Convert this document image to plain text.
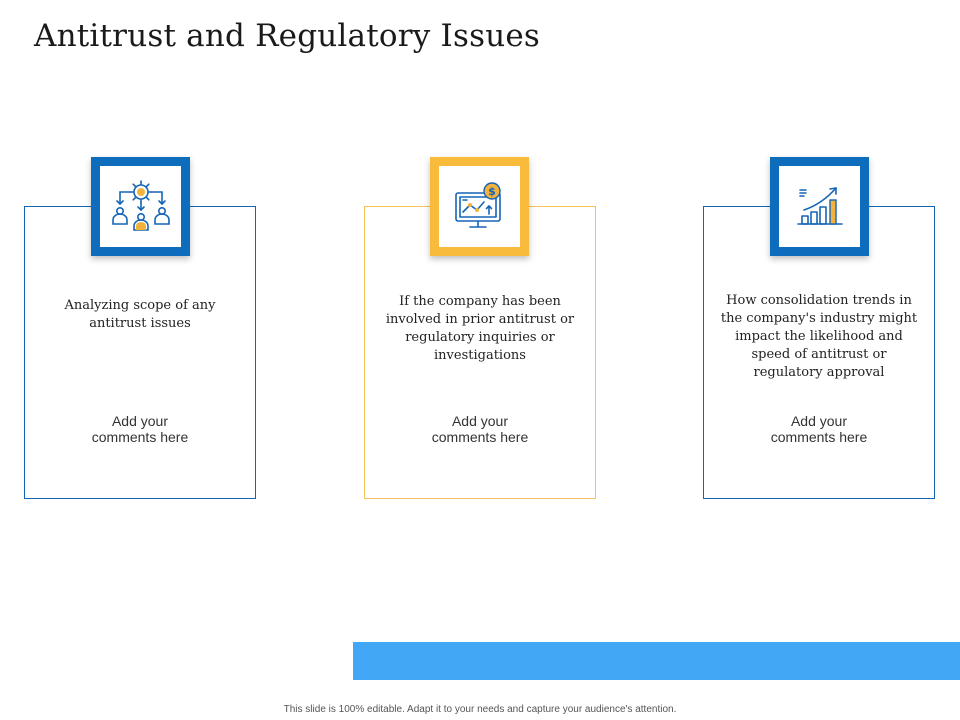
Antitrust and Regulatory Issues
Analyzing scope of any antitrust issues
Add your
comments here
If the company has been involved in prior antitrust or regulatory inquiries or investigations
Add your
comments here
$
How consolidation trends in the company's industry might impact the likelihood and speed of antitrust or regulatory approval
Add your
comments here
This slide is 100% editable. Adapt it to your needs and capture your audience's attention.
